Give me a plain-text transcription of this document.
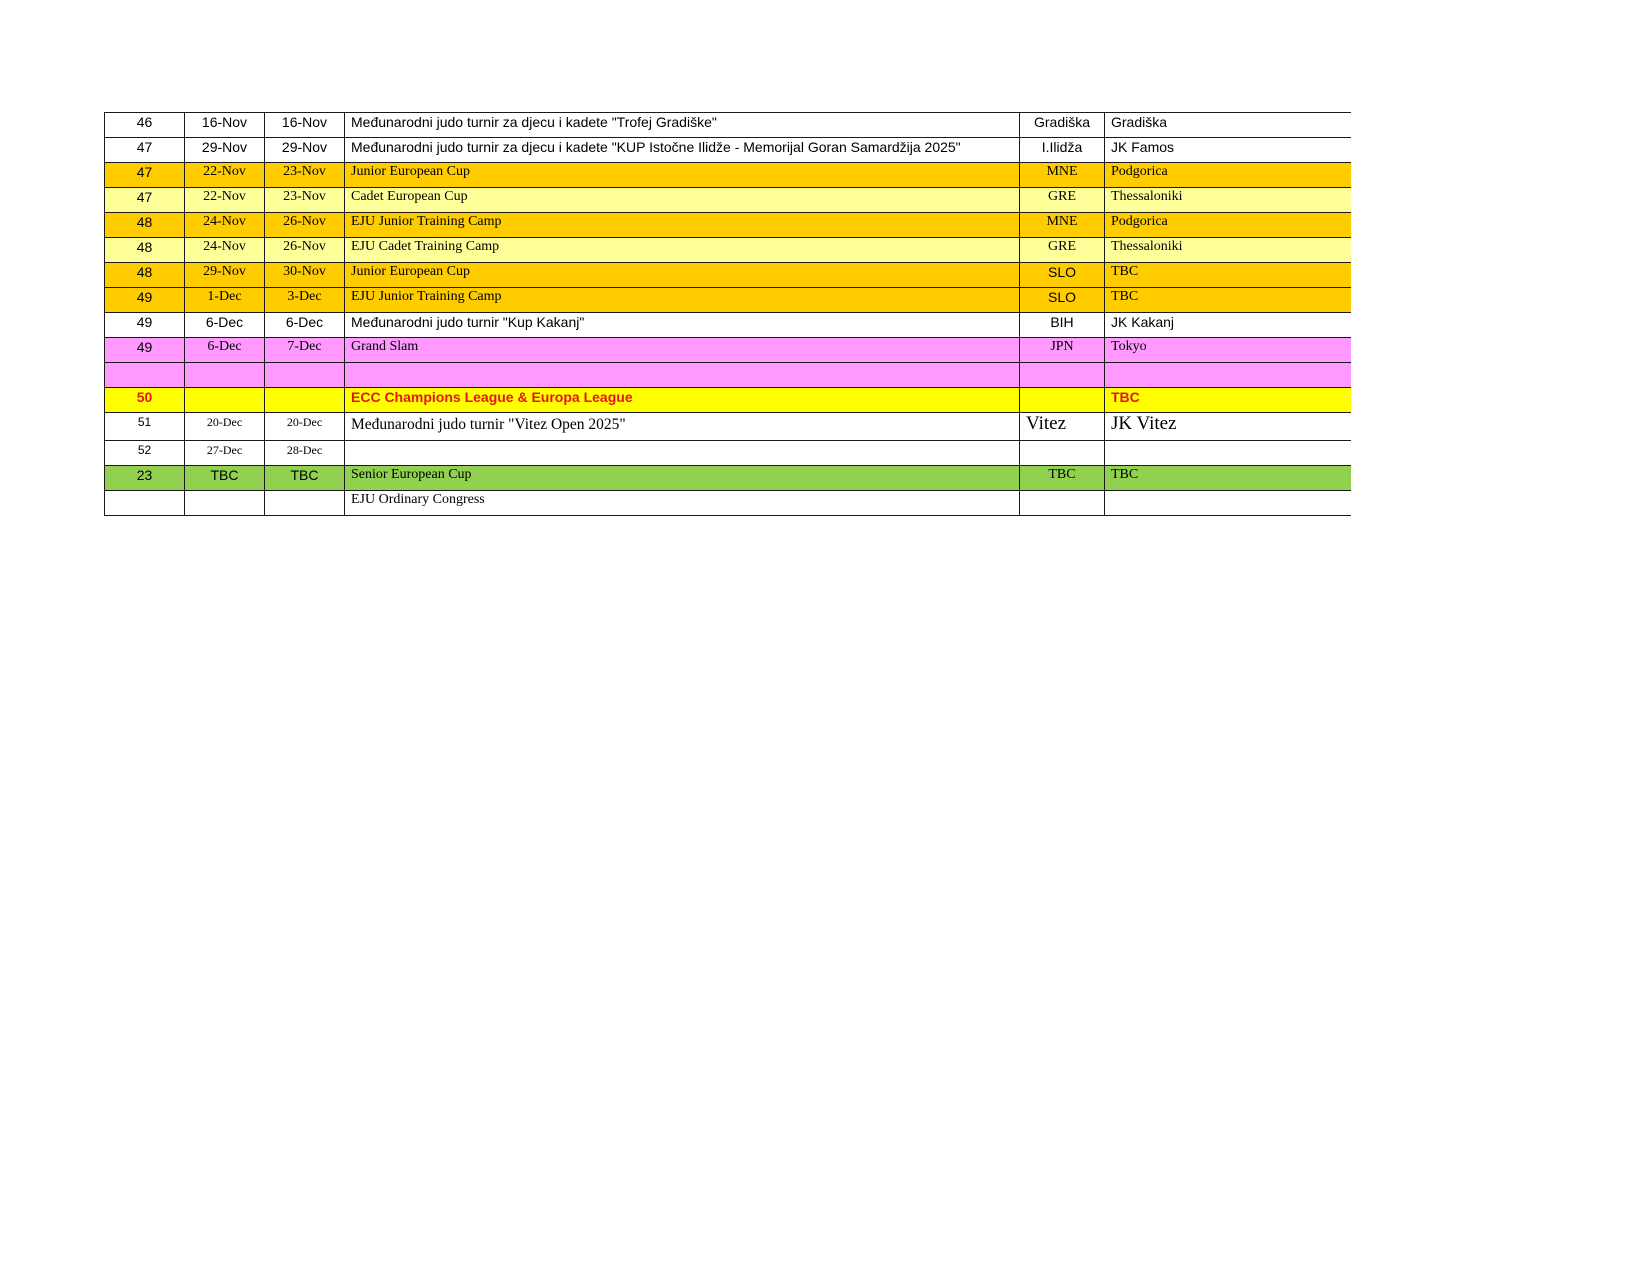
46	16-Nov	16-Nov	Međunarodni judo turnir za djecu i kadete "Trofej Gradiške"	Gradiška	Gradiška
47	29-Nov	29-Nov	Međunarodni judo turnir za djecu i kadete "KUP Istočne Ilidže - Memorijal Goran Samardžija 2025"	I.Ilidža	JK Famos
47	22-Nov	23-Nov	Junior European Cup	MNE	Podgorica
47	22-Nov	23-Nov	Cadet European Cup	GRE	Thessaloniki
48	24-Nov	26-Nov	EJU Junior Training Camp	MNE	Podgorica
48	24-Nov	26-Nov	EJU Cadet Training Camp	GRE	Thessaloniki
48	29-Nov	30-Nov	Junior European Cup	SLO	TBC
49	1-Dec	3-Dec	EJU Junior Training Camp	SLO	TBC
49	6-Dec	6-Dec	Međunarodni judo turnir "Kup Kakanj"	BIH	JK Kakanj
49	6-Dec	7-Dec	Grand Slam	JPN	Tokyo

50			ECC Champions League & Europa League		TBC
51	20-Dec	20-Dec	Međunarodni judo turnir "Vitez Open 2025"	Vitez	JK Vitez
52	27-Dec	28-Dec			
23	TBC	TBC	Senior European Cup	TBC	TBC
			EJU Ordinary Congress		
